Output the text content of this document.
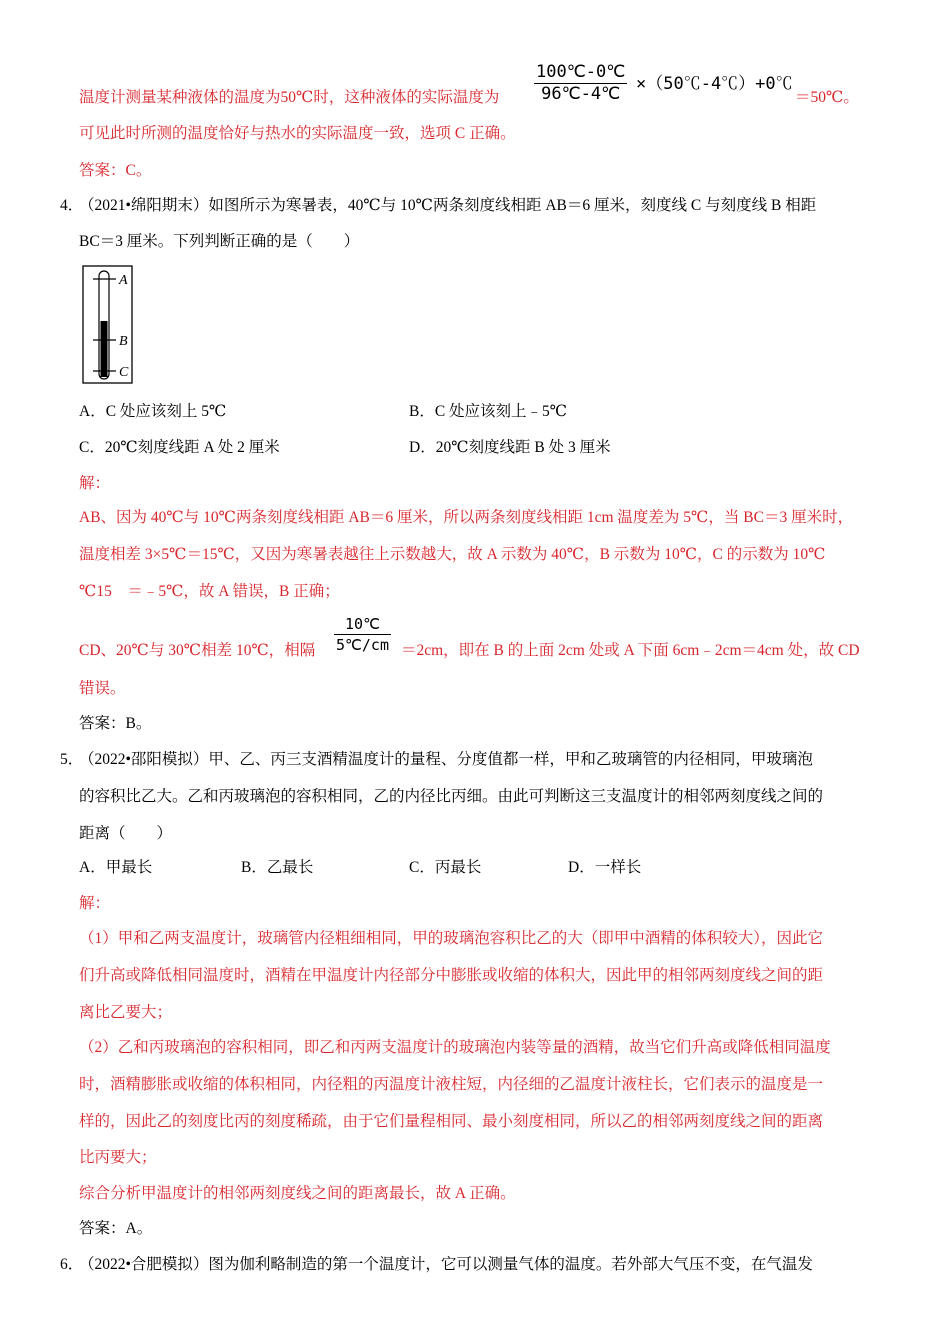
$\frac{100℃-0℃}{96℃-4℃}$ ×（50℃-4℃）+0℃
温度计测量某种液体的温度为50℃时，这种液体的实际温度为	＝50℃。
可见此时所测的温度恰好与热水的实际温度一致，选项 C 正确。
答案：C。
4．
（2021•绵阳期末）如图所示为寒暑表，40℃与 10℃两条刻度线相距 AB＝6 厘米，刻度线 C 与刻度线 B 相距
BC＝3 厘米。下列判断正确的是（　　）
A
B
C
A．C 处应该刻上 5℃	B．C 处应该刻上﹣5℃
C．20℃刻度线距 A 处 2 厘米	D．20℃刻度线距 B 处 3 厘米
解：
AB、因为 40℃与 10℃两条刻度线相距 AB＝6 厘米，所以两条刻度线相距 1cm 温度差为 5℃，当 BC＝3 厘米时，
温度相差 3×5℃＝15℃，又因为寒暑表越往上示数越大，故 A 示数为 40℃，B 示数为 10℃，C 的示数为 10℃
℃15　＝﹣5℃，故 A 错误，B 正确；
$\frac{10℃}{5℃/cm}$
CD、20℃与 30℃相差 10℃，相隔	＝2cm，即在 B 的上面 2cm 处或 A 下面 6cm﹣2cm＝4cm 处，故 CD
错误。
答案：B。
5．
（2022•邵阳模拟）甲、乙、丙三支酒精温度计的量程、分度值都一样，甲和乙玻璃管的内径相同，甲玻璃泡
的容积比乙大。乙和丙玻璃泡的容积相同，乙的内径比丙细。由此可判断这三支温度计的相邻两刻度线之间的
距离（　　）
A．甲最长	B．乙最长	C．丙最长	D．一样长
解：
（1）甲和乙两支温度计，玻璃管内径粗细相同，甲的玻璃泡容积比乙的大（即甲中酒精的体积较大），因此它
们升高或降低相同温度时，酒精在甲温度计内径部分中膨胀或收缩的体积大，因此甲的相邻两刻度线之间的距
离比乙要大；
（2）乙和丙玻璃泡的容积相同，即乙和丙两支温度计的玻璃泡内装等量的酒精，故当它们升高或降低相同温度
时，酒精膨胀或收缩的体积相同，内径粗的丙温度计液柱短，内径细的乙温度计液柱长，它们表示的温度是一
样的，因此乙的刻度比丙的刻度稀疏，由于它们量程相同、最小刻度相同，所以乙的相邻两刻度线之间的距离
比丙要大；
综合分析甲温度计的相邻两刻度线之间的距离最长，故 A 正确。
答案：A。
6．
（2022•合肥模拟）图为伽利略制造的第一个温度计，它可以测量气体的温度。若外部大气压不变，在气温发
